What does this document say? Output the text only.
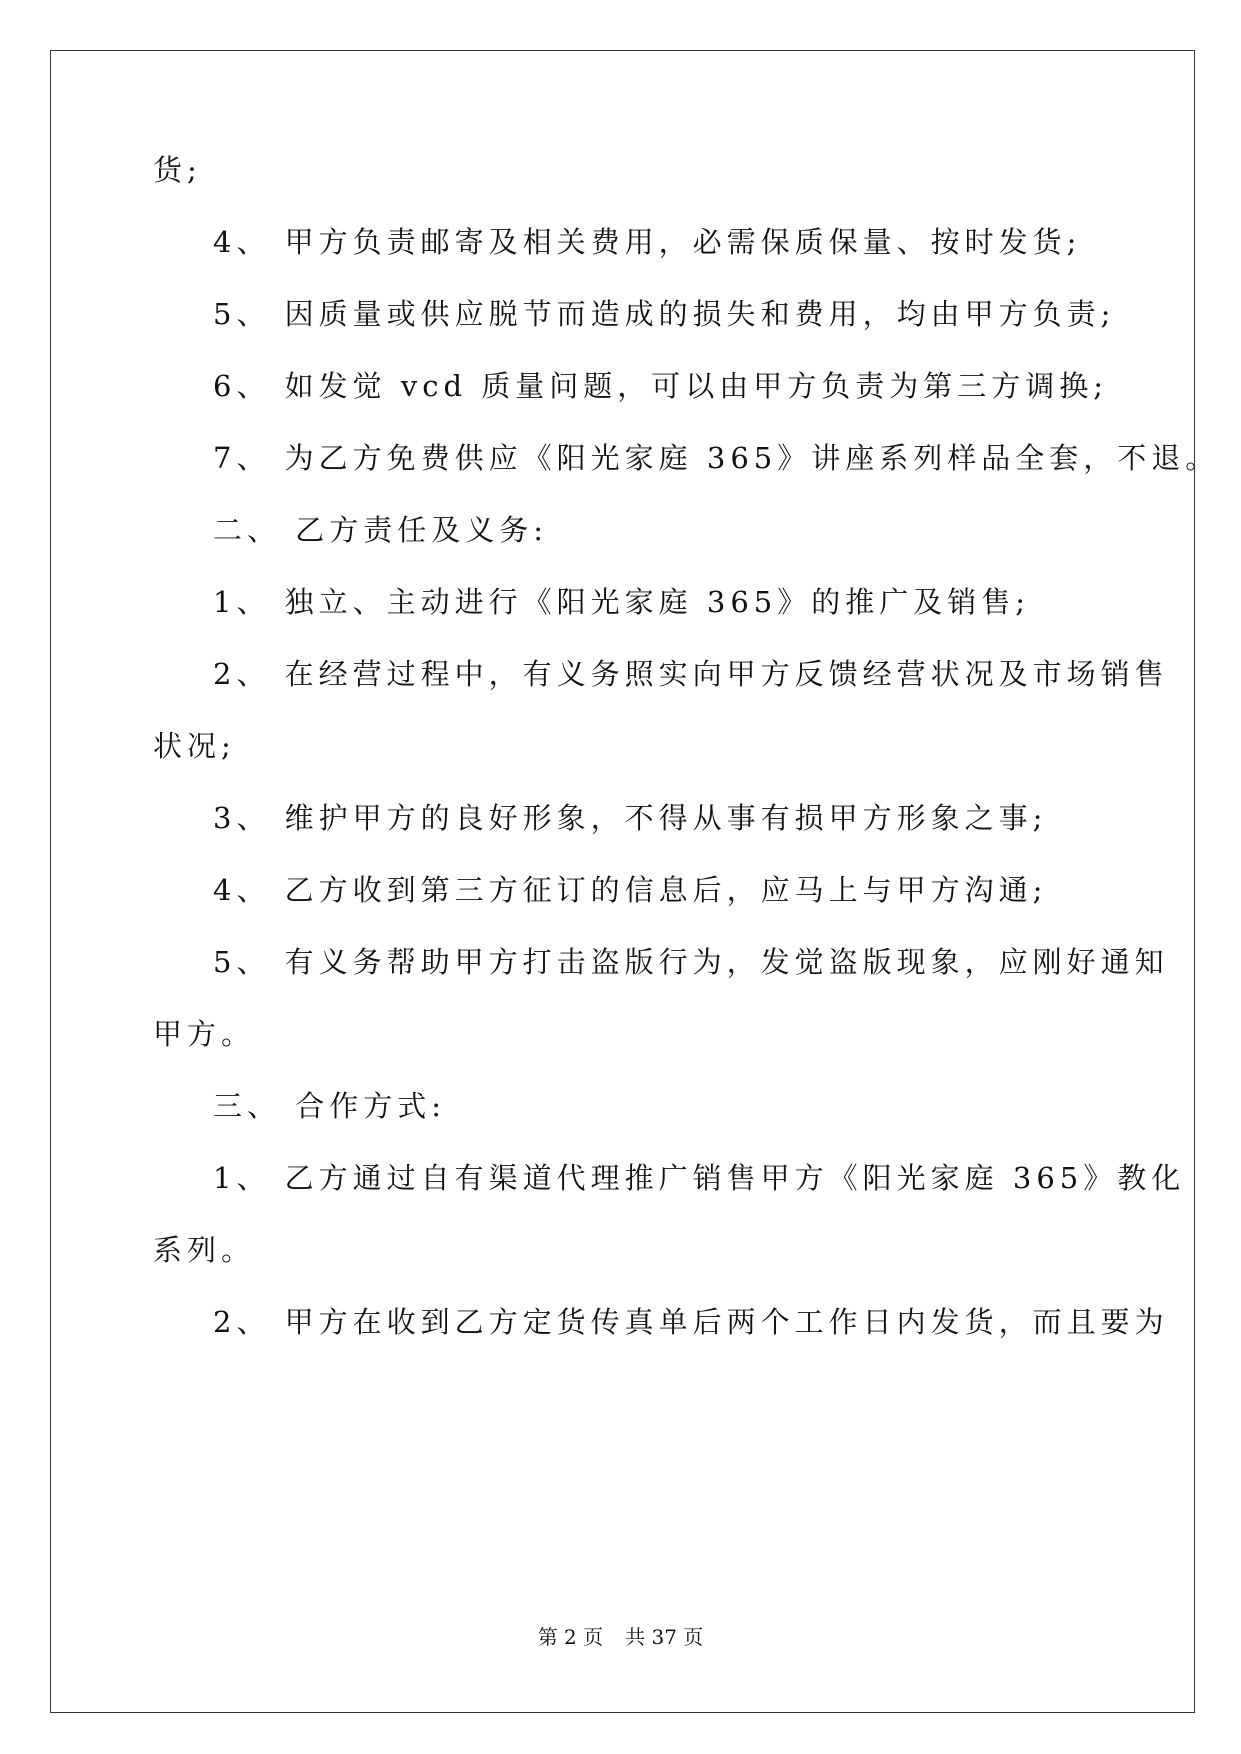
货;
4、 甲方负责邮寄及相关费用，必需保质保量、按时发货;
5、 因质量或供应脱节而造成的损失和费用，均由甲方负责;
6、 如发觉 vcd 质量问题，可以由甲方负责为第三方调换;
7、 为乙方免费供应《阳光家庭 365》讲座系列样品全套，不退。
二、 乙方责任及义务:
1、 独立、主动进行《阳光家庭 365》的推广及销售;
2、 在经营过程中，有义务照实向甲方反馈经营状况及市场销售
状况;
3、 维护甲方的良好形象，不得从事有损甲方形象之事;
4、 乙方收到第三方征订的信息后，应马上与甲方沟通;
5、 有义务帮助甲方打击盗版行为，发觉盗版现象，应刚好通知
甲方。
三、 合作方式:
1、 乙方通过自有渠道代理推广销售甲方《阳光家庭 365》教化
系列。
2、 甲方在收到乙方定货传真单后两个工作日内发货，而且要为
第 2 页 共 37 页
